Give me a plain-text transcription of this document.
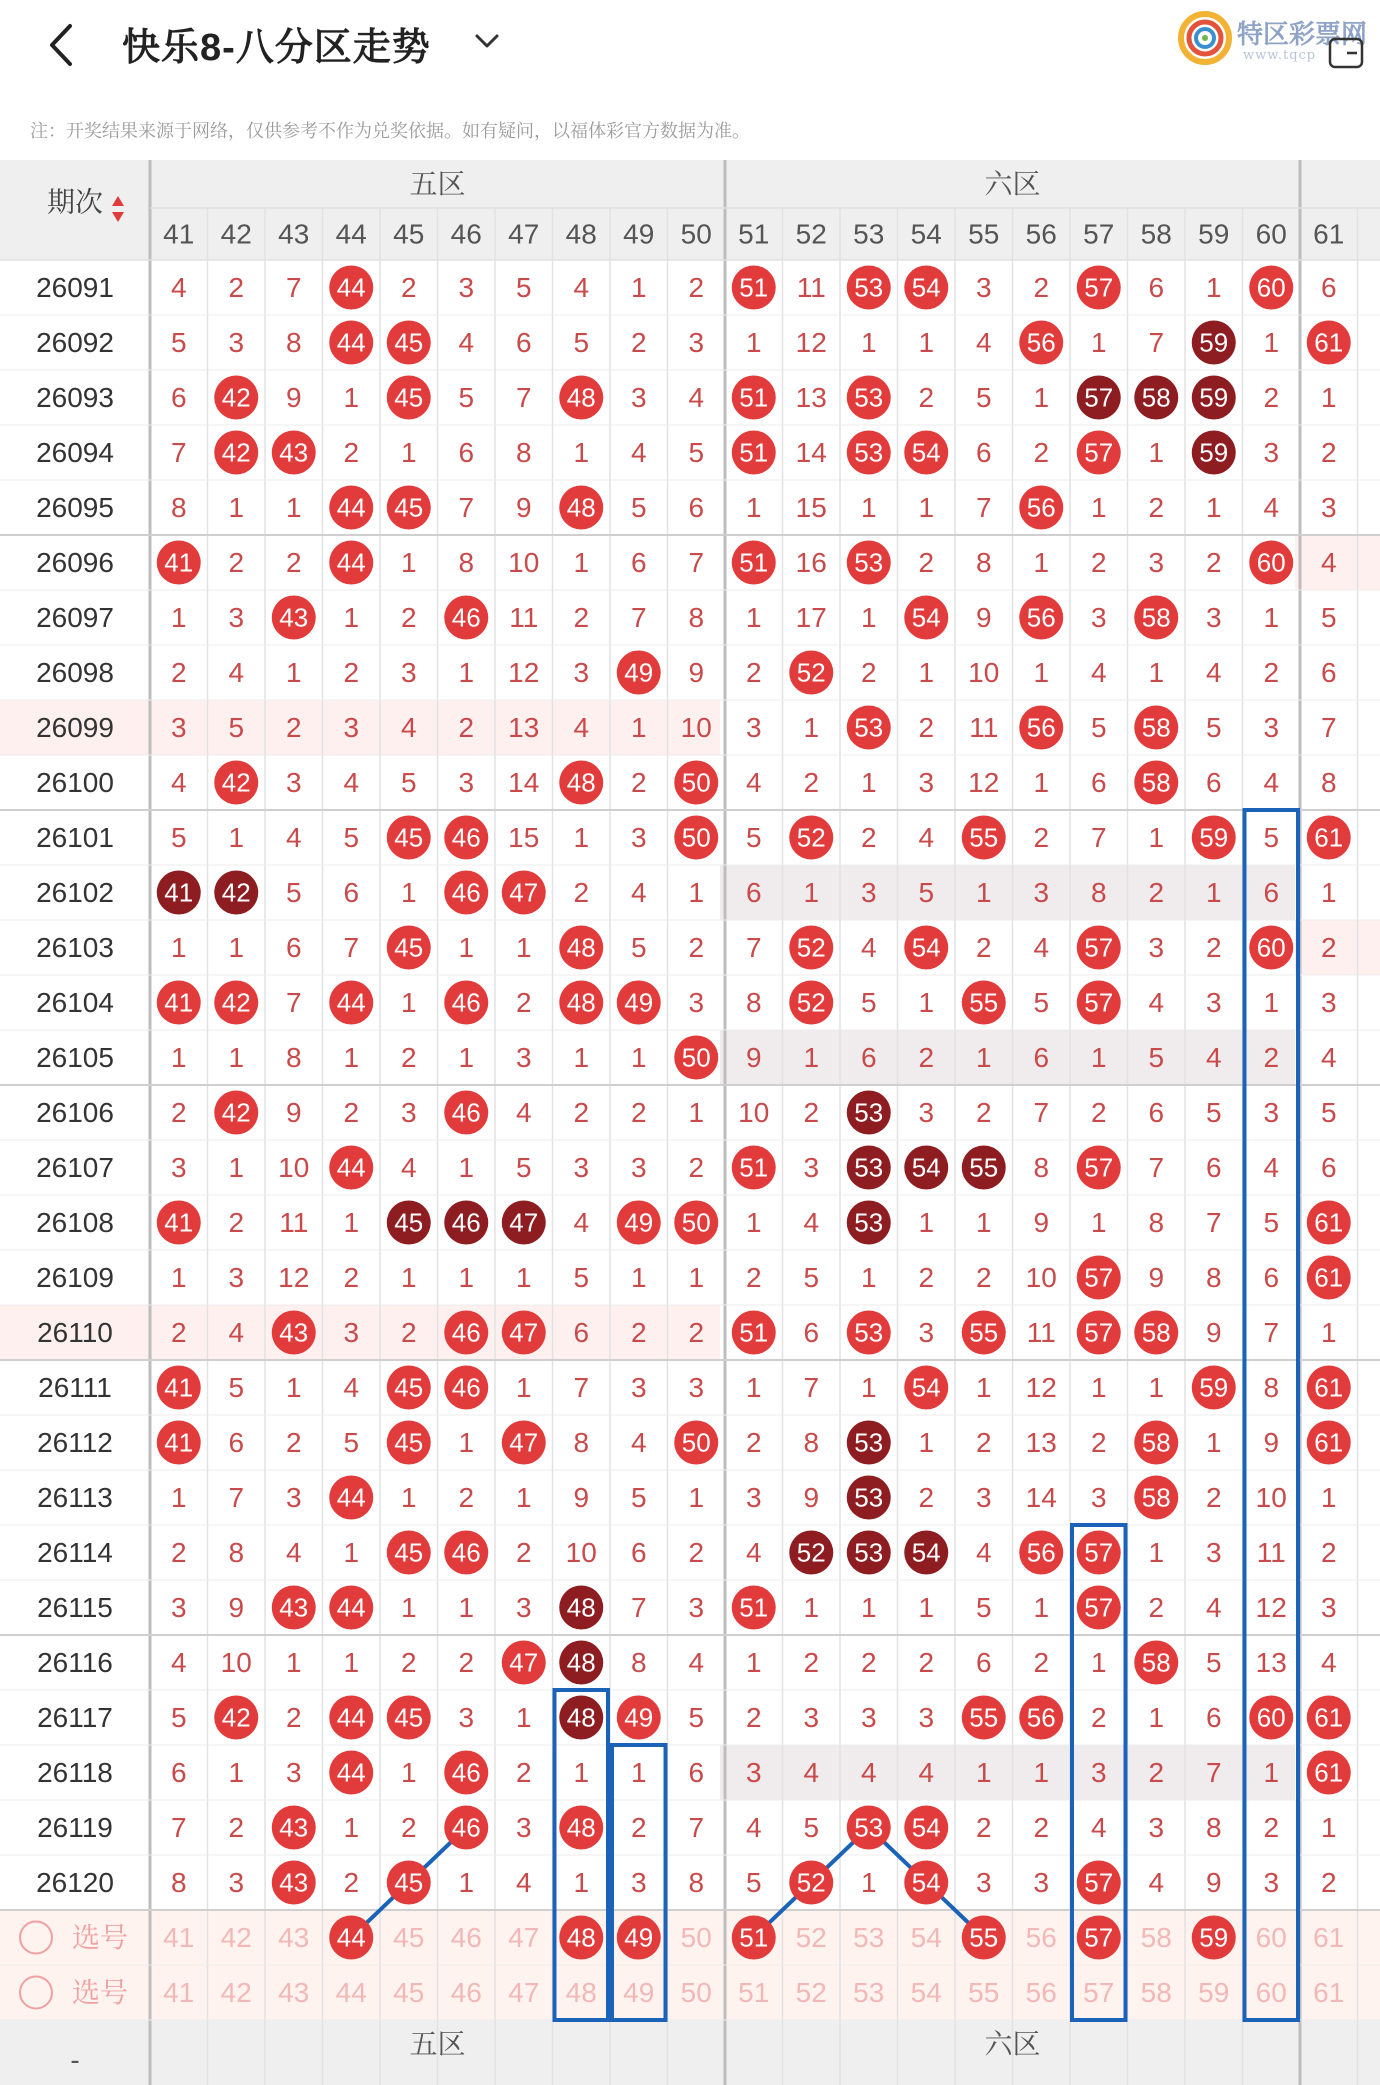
快乐8-八分区走势	特区彩票网
www.tqcp
注：开奖结果来源于网络，仅供参考不作为兑奖依据。如有疑问，以福体彩官方数据为准。
期次
五区
五区
六区
六区
-
41 42 43 44 45 46 47 48 49 50 51 52 53 54 55 56 57 58 59 60 61
26091 4 2 7 44 2 3 5 4 1 2 51 11 53 54 3 2 57 6 1 60 6
26092 5 3 8 44 45 4 6 5 2 3 1 12 1 1 4 56 1 7 59 1 61
26093 6 42 9 1 45 5 7 48 3 4 51 13 53 2 5 1 57 58 59 2 1
26094 7 42 43 2 1 6 8 1 4 5 51 14 53 54 6 2 57 1 59 3 2
26095 8 1 1 44 45 7 9 48 5 6 1 15 1 1 7 56 1 2 1 4 3
26096 41 2 2 44 1 8 10 1 6 7 51 16 53 2 8 1 2 3 2 60 4
26097 1 3 43 1 2 46 11 2 7 8 1 17 1 54 9 56 3 58 3 1 5
26098 2 4 1 2 3 1 12 3 49 9 2 52 2 1 10 1 4 1 4 2 6
26099 3 5 2 3 4 2 13 4 1 10 3 1 53 2 11 56 5 58 5 3 7
26100 4 42 3 4 5 3 14 48 2 50 4 2 1 3 12 1 6 58 6 4 8
26101 5 1 4 5 45 46 15 1 3 50 5 52 2 4 55 2 7 1 59 5 61
26102 41 42 5 6 1 46 47 2 4 1 6 1 3 5 1 3 8 2 1 6 1
26103 1 1 6 7 45 1 1 48 5 2 7 52 4 54 2 4 57 3 2 60 2
26104 41 42 7 44 1 46 2 48 49 3 8 52 5 1 55 5 57 4 3 1 3
26105 1 1 8 1 2 1 3 1 1 50 9 1 6 2 1 6 1 5 4 2 4
26106 2 42 9 2 3 46 4 2 2 1 10 2 53 3 2 7 2 6 5 3 5
26107 3 1 10 44 4 1 5 3 3 2 51 3 53 54 55 8 57 7 6 4 6
26108 41 2 11 1 45 46 47 4 49 50 1 4 53 1 1 9 1 8 7 5 61
26109 1 3 12 2 1 1 1 5 1 1 2 5 1 2 2 10 57 9 8 6 61
26110 2 4 43 3 2 46 47 6 2 2 51 6 53 3 55 11 57 58 9 7 1
26111 41 5 1 4 45 46 1 7 3 3 1 7 1 54 1 12 1 1 59 8 61
26112 41 6 2 5 45 1 47 8 4 50 2 8 53 1 2 13 2 58 1 9 61
26113 1 7 3 44 1 2 1 9 5 1 3 9 53 2 3 14 3 58 2 10 1
26114 2 8 4 1 45 46 2 10 6 2 4 52 53 54 4 56 57 1 3 11 2
26115 3 9 43 44 1 1 3 48 7 3 51 1 1 1 5 1 57 2 4 12 3
26116 4 10 1 1 2 2 47 48 8 4 1 2 2 2 6 2 1 58 5 13 4
26117 5 42 2 44 45 3 1 48 49 5 2 3 3 3 55 56 2 1 6 60 61
26118 6 1 3 44 1 46 2 1 1 6 3 4 4 4 1 1 3 2 7 1 61
26119 7 2 43 1 2 46 3 48 2 7 4 5 53 54 2 2 4 3 8 2 1
26120 8 3 43 2 45 1 4 1 3 8 5 52 1 54 3 3 57 4 9 3 2
选号 41 42 43 44 45 46 47 48 49 50 51 52 53 54 55 56 57 58 59 60 61
选号 41 42 43 44 45 46 47 48 49 50 51 52 53 54 55 56 57 58 59 60 61
